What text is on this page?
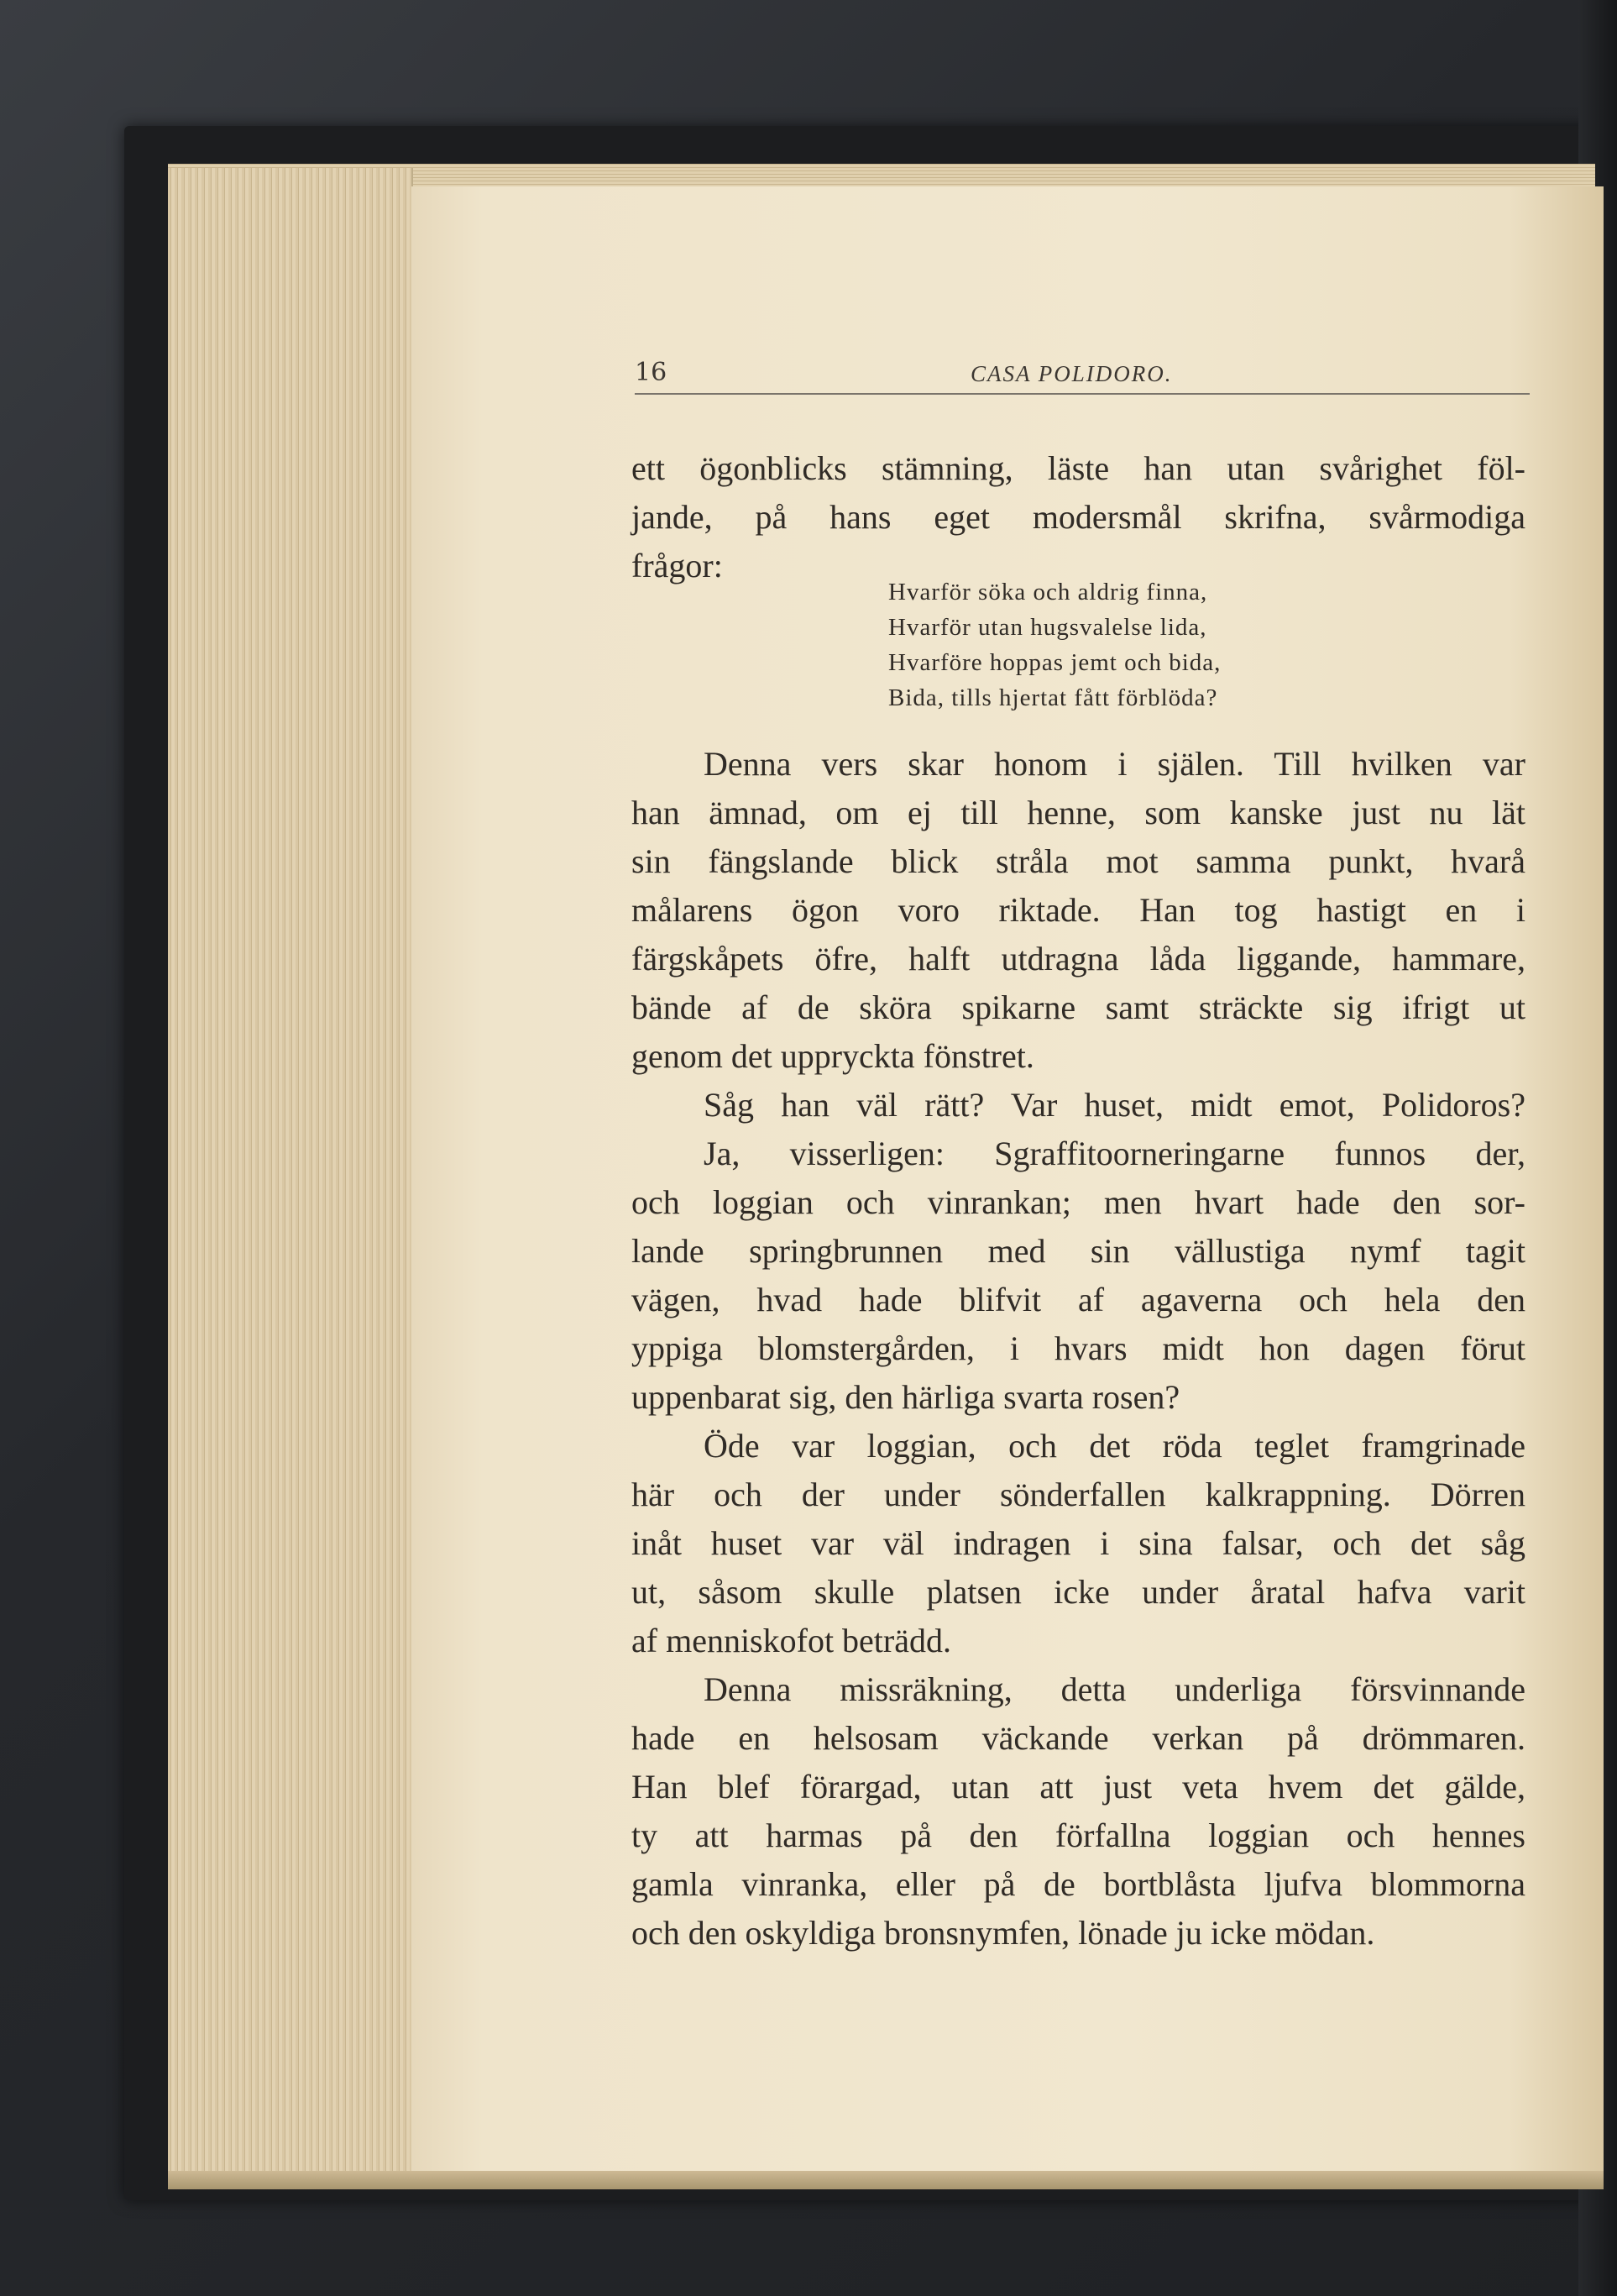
16	CASA POLIDORO.
ett ögonblicks stämning, läste han utan svårighet föl-
jande, på hans eget modersmål skrifna, svårmodiga
frågor:
Denna vers skar honom i själen. Till hvilken var
han ämnad, om ej till henne, som kanske just nu lät
sin fängslande blick stråla mot samma punkt, hvarå
målarens ögon voro riktade. Han tog hastigt en i
färgskåpets öfre, halft utdragna låda liggande, hammare,
bände af de sköra spikarne samt sträckte sig ifrigt ut
genom det uppryckta fönstret.
Såg han väl rätt? Var huset, midt emot, Polidoros?
Ja, visserligen: Sgraffitoorneringarne funnos der,
och loggian och vinrankan; men hvart hade den sor-
lande springbrunnen med sin vällustiga nymf tagit
vägen, hvad hade blifvit af agaverna och hela den
yppiga blomstergården, i hvars midt hon dagen förut
uppenbarat sig, den härliga svarta rosen?
Öde var loggian, och det röda teglet framgrinade
här och der under sönderfallen kalkrappning. Dörren
inåt huset var väl indragen i sina falsar, och det såg
ut, såsom skulle platsen icke under åratal hafva varit
af menniskofot beträdd.
Denna missräkning, detta underliga försvinnande
hade en helsosam väckande verkan på drömmaren.
Han blef förargad, utan att just veta hvem det gälde,
ty att harmas på den förfallna loggian och hennes
gamla vinranka, eller på de bortblåsta ljufva blommorna
och den oskyldiga bronsnymfen, lönade ju icke mödan.
Hvarför söka och aldrig finna,
Hvarför utan hugsvalelse lida,
Hvarföre hoppas jemt och bida,
Bida, tills hjertat fått förblöda?
